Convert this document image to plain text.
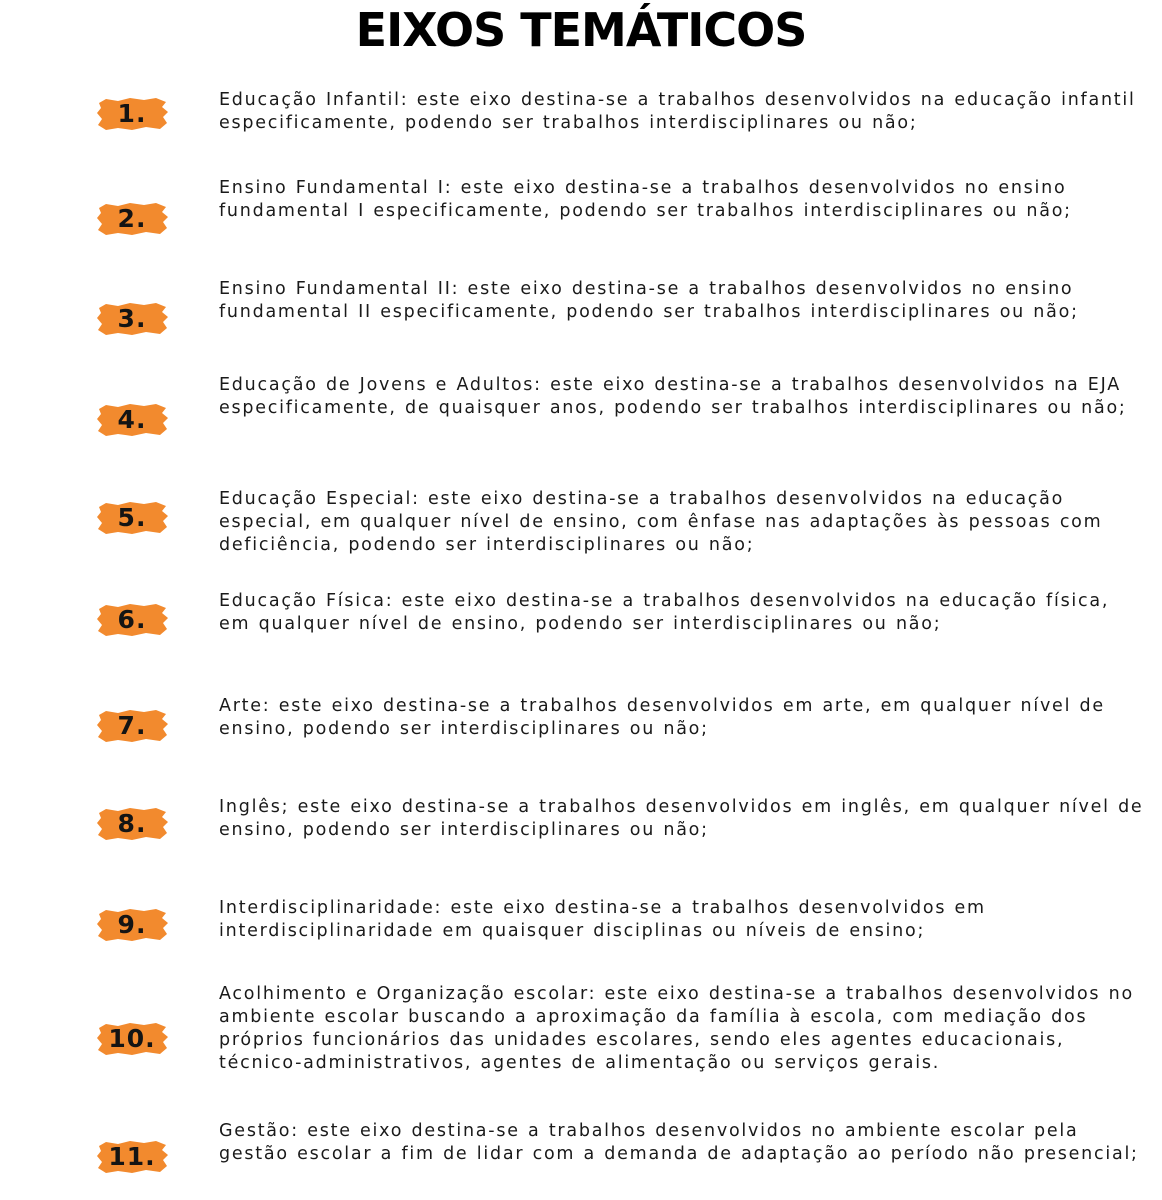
EIXOS TEMÁTICOS
1.	Educação Infantil: este eixo destina-se a trabalhos desenvolvidos na educação infantil especificamente, podendo ser trabalhos interdisciplinares ou não;

2.

Ensino Fundamental I: este eixo destina-se a trabalhos desenvolvidos no ensino fundamental I especificamente, podendo ser trabalhos interdisciplinares ou não;

3.

Ensino Fundamental II: este eixo destina-se a trabalhos desenvolvidos no ensino fundamental II especificamente, podendo ser trabalhos interdisciplinares ou não;

4.

Educação de Jovens e Adultos: este eixo destina-se a trabalhos desenvolvidos na EJA especificamente, de quaisquer anos, podendo ser trabalhos interdisciplinares ou não;

5.

Educação Especial: este eixo destina-se a trabalhos desenvolvidos na educação especial, em qualquer nível de ensino, com ênfase nas adaptações às pessoas com deficiência, podendo ser interdisciplinares ou não;

6.

Educação Física: este eixo destina-se a trabalhos desenvolvidos na educação física, em qualquer nível de ensino, podendo ser interdisciplinares ou não;

7.

Arte: este eixo destina-se a trabalhos desenvolvidos em arte, em qualquer nível de ensino, podendo ser interdisciplinares ou não;

8.

Inglês; este eixo destina-se a trabalhos desenvolvidos em inglês, em qualquer nível de ensino, podendo ser interdisciplinares ou não;

9.

Interdisciplinaridade: este eixo destina-se a trabalhos desenvolvidos em interdisciplinaridade em quaisquer disciplinas ou níveis de ensino;

10.

Acolhimento e Organização escolar: este eixo destina-se a trabalhos desenvolvidos no ambiente escolar buscando a aproximação da família à escola, com mediação dos próprios funcionários das unidades escolares, sendo eles agentes educacionais, técnico-administrativos, agentes de alimentação ou serviços gerais.

11.

Gestão: este eixo destina-se a trabalhos desenvolvidos no ambiente escolar pela gestão escolar a fim de lidar com a demanda de adaptação ao período não presencial;
